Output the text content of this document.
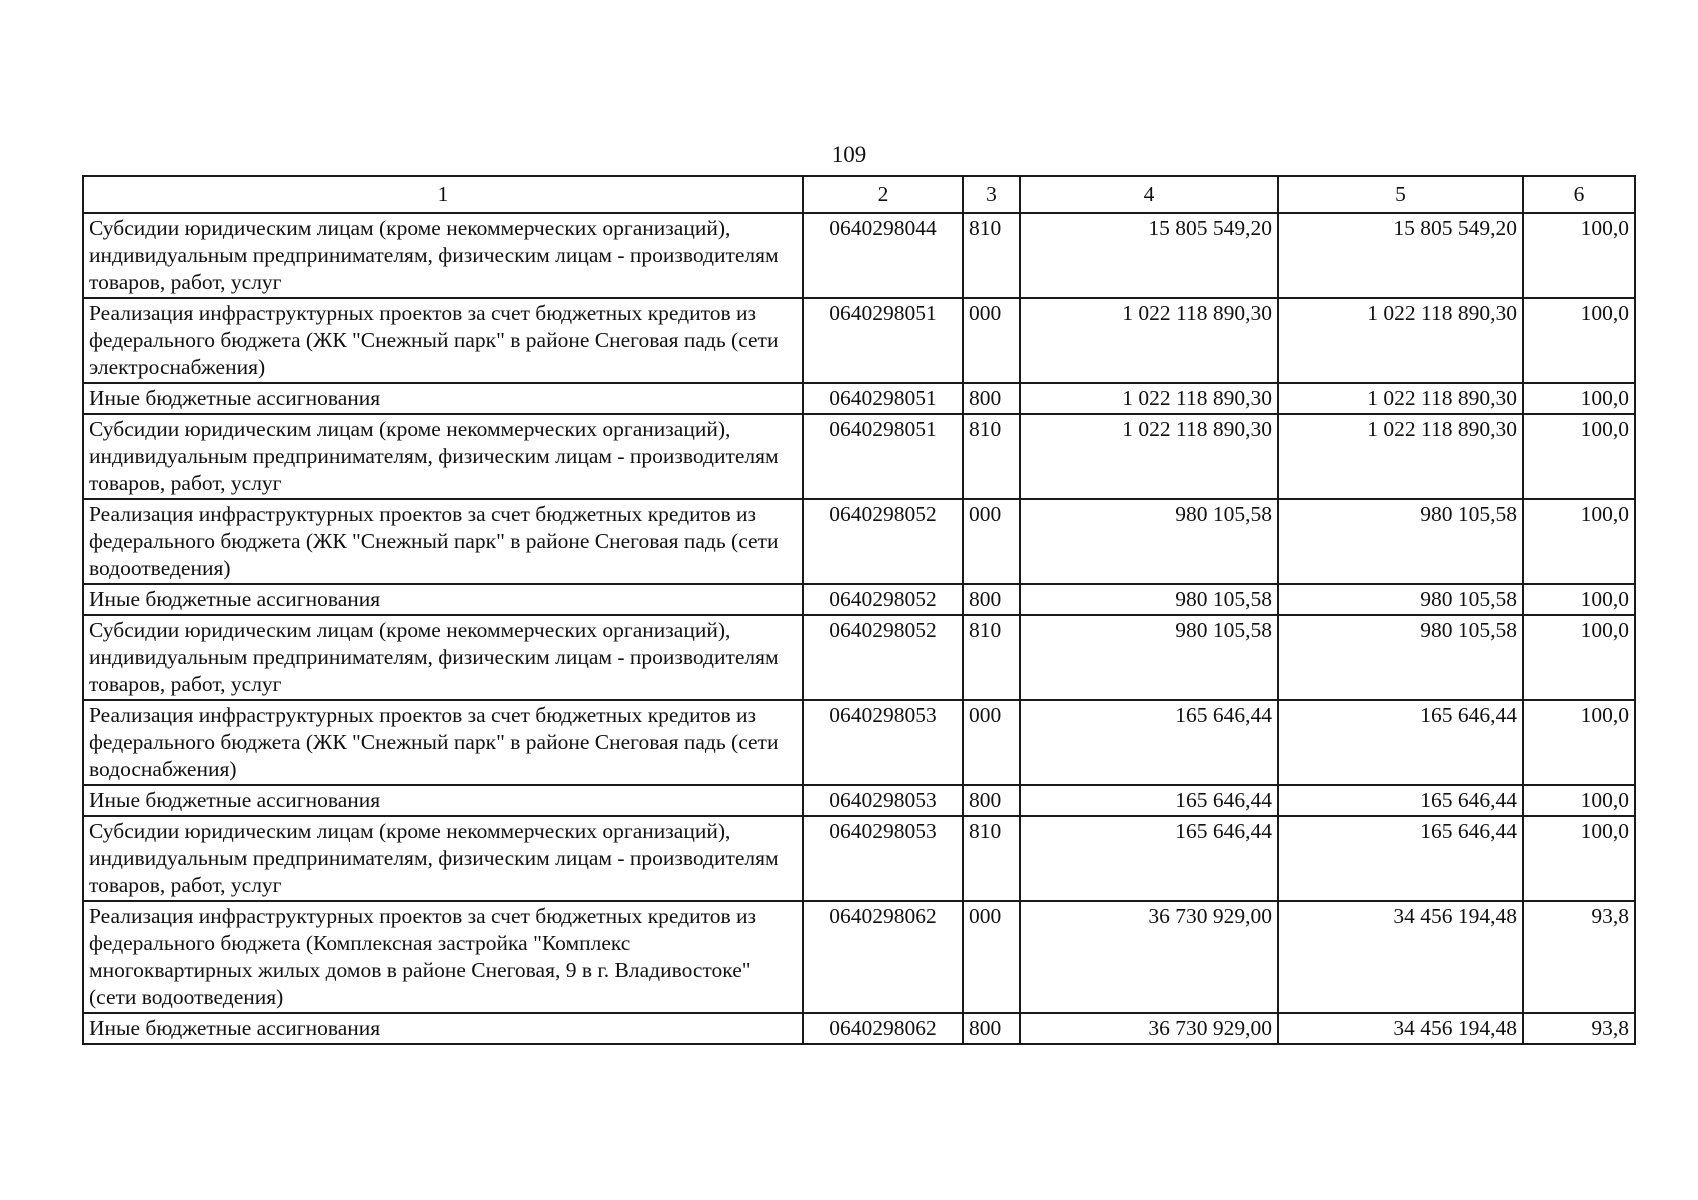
109
1	2	3	4	5	6
Субсидии юридическим лицам (кроме некоммерческих организаций), индивидуальным предпринимателям, физическим лицам - производителям товаров, работ, услуг	0640298044	810	15 805 549,20	15 805 549,20	100,0
Реализация инфраструктурных проектов за счет бюджетных кредитов из федерального бюджета (ЖК "Снежный парк" в районе Снеговая падь (сети электроснабжения)	0640298051	000	1 022 118 890,30	1 022 118 890,30	100,0
Иные бюджетные ассигнования	0640298051	800	1 022 118 890,30	1 022 118 890,30	100,0
Субсидии юридическим лицам (кроме некоммерческих организаций), индивидуальным предпринимателям, физическим лицам - производителям товаров, работ, услуг	0640298051	810	1 022 118 890,30	1 022 118 890,30	100,0
Реализация инфраструктурных проектов за счет бюджетных кредитов из федерального бюджета (ЖК "Снежный парк" в районе Снеговая падь (сети водоотведения)	0640298052	000	980 105,58	980 105,58	100,0
Иные бюджетные ассигнования	0640298052	800	980 105,58	980 105,58	100,0
Субсидии юридическим лицам (кроме некоммерческих организаций), индивидуальным предпринимателям, физическим лицам - производителям товаров, работ, услуг	0640298052	810	980 105,58	980 105,58	100,0
Реализация инфраструктурных проектов за счет бюджетных кредитов из федерального бюджета (ЖК "Снежный парк" в районе Снеговая падь (сети водоснабжения)	0640298053	000	165 646,44	165 646,44	100,0
Иные бюджетные ассигнования	0640298053	800	165 646,44	165 646,44	100,0
Субсидии юридическим лицам (кроме некоммерческих организаций), индивидуальным предпринимателям, физическим лицам - производителям товаров, работ, услуг	0640298053	810	165 646,44	165 646,44	100,0
Реализация инфраструктурных проектов за счет бюджетных кредитов из федерального бюджета (Комплексная застройка "Комплекс многоквартирных жилых домов в районе Снеговая, 9 в г. Владивостоке" (сети водоотведения)	0640298062	000	36 730 929,00	34 456 194,48	93,8
Иные бюджетные ассигнования	0640298062	800	36 730 929,00	34 456 194,48	93,8
